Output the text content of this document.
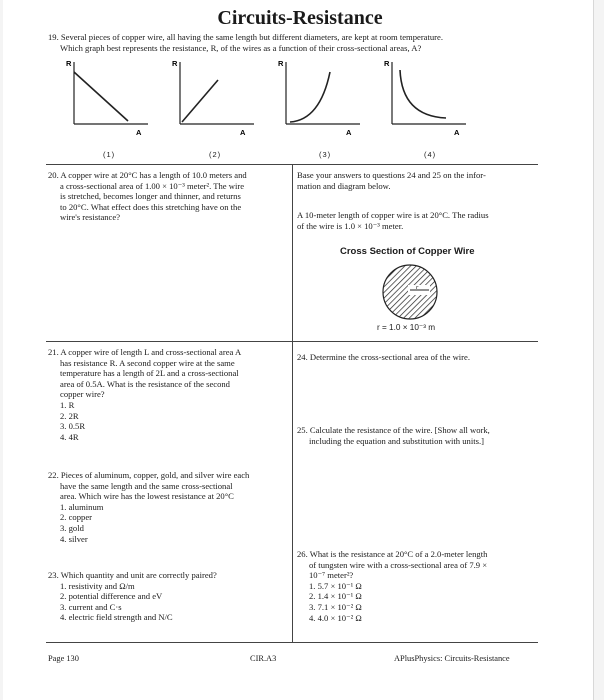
Circuits-Resistance
19. Several pieces of copper wire, all having the same length but different diameters, are kept at room temperature.
Which graph best represents the resistance, R, of the wires as a function of their cross-sectional areas, A?
R
A
R
A
R
A
R
A
(1)	(2)	(3)	(4)
20. A copper wire at 20°C has a length of 10.0 meters and
a cross-sectional area of 1.00 × 10⁻³ meter². The wire
is stretched, becomes longer and thinner, and returns
to 20°C. What effect does this stretching have on the
wire's resistance?
Base your answers to questions 24 and 25 on the infor-
mation and diagram below.
A 10-meter length of copper wire is at 20°C. The radius
of the wire is 1.0 × 10⁻³ meter.
Cross Section of Copper Wire
r
r = 1.0 × 10⁻³ m
21. A copper wire of length L and cross-sectional area A
has resistance R. A second copper wire at the same
temperature has a length of 2L and a cross-sectional
area of 0.5A. What is the resistance of the second
copper wire?
1. R
2. 2R
3. 0.5R
4. 4R
24. Determine the cross-sectional area of the wire.
25. Calculate the resistance of the wire. [Show all work,
including the equation and substitution with units.]
22. Pieces of aluminum, copper, gold, and silver wire each
have the same length and the same cross-sectional
area. Which wire has the lowest resistance at 20°C
1. aluminum
2. copper
3. gold
4. silver
23. Which quantity and unit are correctly paired?
1. resistivity and Ω/m
2. potential difference and eV
3. current and C·s
4. electric field strength and N/C
26. What is the resistance at 20°C of a 2.0-meter length
of tungsten wire with a cross-sectional area of 7.9 ×
10⁻⁷ meter²?
1. 5.7 × 10⁻¹ Ω
2. 1.4 × 10⁻¹ Ω
3. 7.1 × 10⁻² Ω
4. 4.0 × 10⁻² Ω
Page 130	CIR.A3	APlusPhysics: Circuits-Resistance
